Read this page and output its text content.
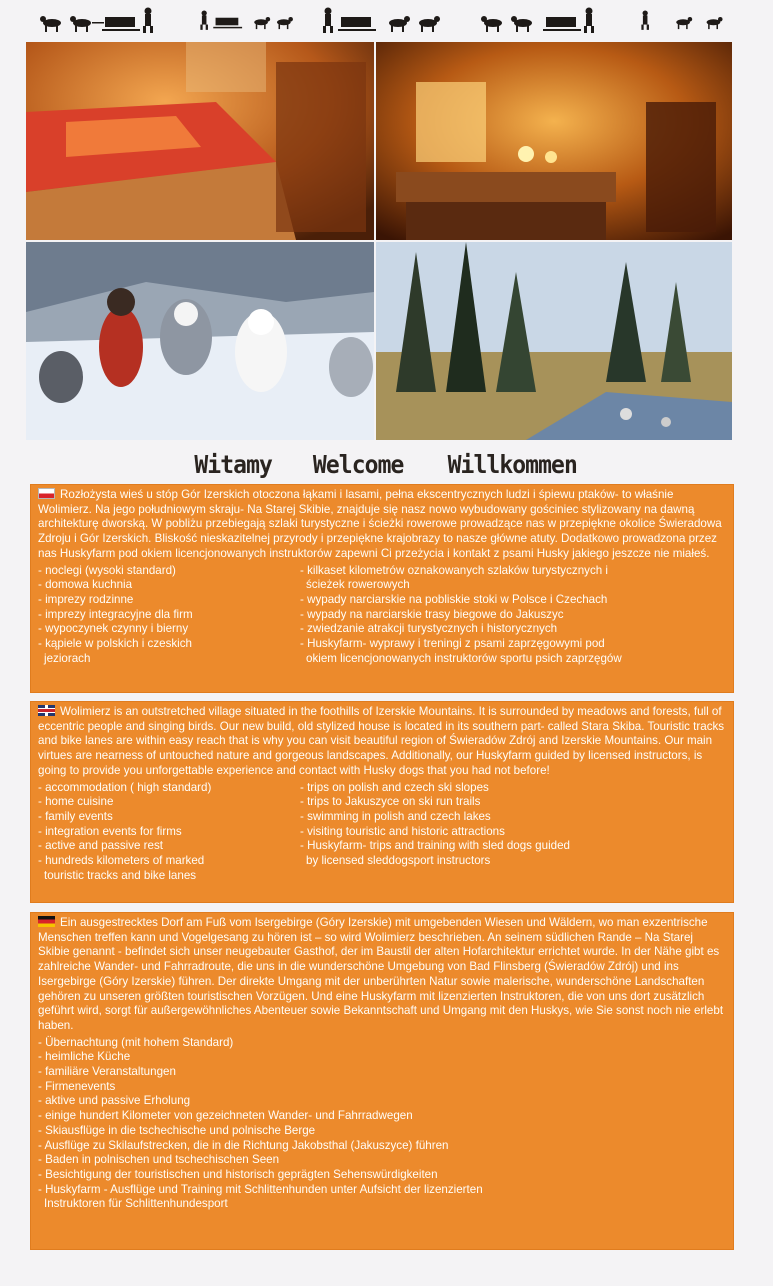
Witamy Welcome Willkommen

Rozłożysta wieś u stóp Gór Izerskich otoczona łąkami i lasami, pełna ekscentrycznych ludzi i śpiewu ptaków- to właśnie Wolimierz. Na jego południowym skraju- Na Starej Skibie, znajduje się nasz nowo wybudowany gościniec stylizowany na dawną architekturę dworską. W pobliżu przebiegają szlaki turystyczne i ścieżki rowerowe prowadzące nas w przepiękne okolice Świeradowa Zdroju i Gór Izerskich. Bliskość nieskazitelnej przyrody i przepiękne krajobrazy to nasze główne atuty. Dodatkowo prowadzona przez nas Huskyfarm pod okiem licencjonowanych instruktorów zapewni Ci przeżycia i kontakt z psami Husky jakiego jeszcze nie miałeś.

- noclegi (wysoki standard)
- domowa kuchnia
- imprezy rodzinne
- imprezy integracyjne dla firm
- wypoczynek czynny i bierny
- kąpiele w polskich i czeskich
jeziorach
- kilkaset kilometrów oznakowanych szlaków turystycznych i
ścieżek rowerowych
- wypady narciarskie na pobliskie stoki w Polsce i Czechach
- wypady na narciarskie trasy biegowe do Jakuszyc
- zwiedzanie atrakcji turystycznych i historycznych
- Huskyfarm- wyprawy i treningi z psami zaprzęgowymi pod
okiem licencjonowanych instruktorów sportu psich zaprzęgów

Wolimierz is an outstretched village situated in the foothills of Izerskie Mountains. It is surrounded by meadows and forests, full of eccentric people and singing birds. Our new build, old stylized house is located in its southern part- called Stara Skiba. Touristic tracks and bike lanes are within easy reach that is why you can visit beautiful region of Świeradów Zdrój and Izerskie Mountains. Our main virtues are nearness of untouched nature and gorgeous landscapes. Additionally, our Huskyfarm guided by licensed instructors, is going to provide you unforgettable experience and contact with Husky dogs that you had not before!

- accommodation ( high standard)
- home cuisine
- family events
- integration events for firms
- active and passive rest
- hundreds kilometers of marked
touristic tracks and bike lanes
- trips on polish and czech ski slopes
- trips to Jakuszyce on ski run trails
- swimming in polish and czech lakes
- visiting touristic and historic attractions
- Huskyfarm- trips and training with sled dogs guided
by licensed sleddogsport instructors

Ein ausgestrecktes Dorf am Fuß vom Isergebirge (Góry Izerskie) mit umgebenden Wiesen und Wäldern, wo man exzentrische Menschen treffen kann und Vogelgesang zu hören ist – so wird Wolimierz beschrieben. An seinem südlichen Rande – Na Starej Skibie genannt - befindet sich unser neugebauter Gasthof, der im Baustil der alten Hofarchitektur errichtet wurde. In der Nähe gibt es zahlreiche Wander- und Fahrradroute, die uns in die wunderschöne Umgebung von Bad Flinsberg (Świeradów Zdrój) und ins Isergebirge (Góry Izerskie) führen. Der direkte Umgang mit der unberührten Natur sowie malerische, wunderschöne Landschaften gehören zu unseren größten touristischen Vorzügen. Und eine Huskyfarm mit lizenzierten Instruktoren, die von uns dort zusätzlich geführt wird, sorgt für außergewöhnliches Abenteuer sowie Bekanntschaft und Umgang mit den Huskys, wie Sie sonst noch nie erlebt haben.

- Übernachtung (mit hohem Standard)
- heimliche Küche
- familiäre Veranstaltungen
- Firmenevents
- aktive und passive Erholung
- einige hundert Kilometer von gezeichneten Wander- und Fahrradwegen
- Skiausflüge in die tschechische und polnische Berge
- Ausflüge zu Skilaufstrecken, die in die Richtung Jakobsthal (Jakuszyce) führen
- Baden in polnischen und tschechischen Seen
- Besichtigung der touristischen und historisch geprägten Sehenswürdigkeiten
- Huskyfarm - Ausflüge und Training mit Schlittenhunden unter Aufsicht der lizenzierten
Instruktoren für Schlittenhundesport
